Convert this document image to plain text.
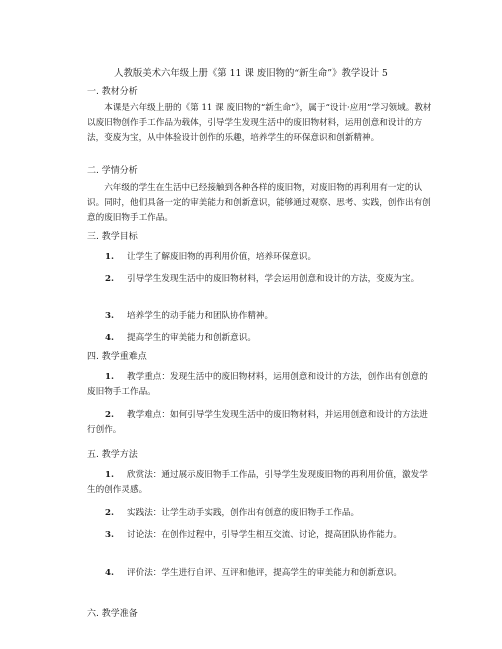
人教版美术六年级上册《第 11 课 废旧物的“新生命”》教学设计 5
一. 教材分析

本课是六年级上册的《第 11 课 废旧物的“新生命”》，属于“设计·应用”学习领域。教材以废旧物创作手工作品为载体，引导学生发现生活中的废旧物材料，运用创意和设计的方法，变废为宝，从中体验设计创作的乐趣，培养学生的环保意识和创新精神。

二. 学情分析

六年级的学生在生活中已经接触到各种各样的废旧物，对废旧物的再利用有一定的认识。同时，他们具备一定的审美能力和创新意识，能够通过观察、思考、实践，创作出有创意的废旧物手工作品。

三. 教学目标
1. 让学生了解废旧物的再利用价值，培养环保意识。
2. 引导学生发现生活中的废旧物材料，学会运用创意和设计的方法，变废为宝。
3. 培养学生的动手能力和团队协作精神。
4. 提高学生的审美能力和创新意识。
四. 教学重难点
1. 教学重点：发现生活中的废旧物材料，运用创意和设计的方法，创作出有创意的废旧物手工作品。
2. 教学难点：如何引导学生发现生活中的废旧物材料，并运用创意和设计的方法进行创作。
五. 教学方法
1. 欣赏法：通过展示废旧物手工作品，引导学生发现废旧物的再利用价值，激发学生的创作灵感。
2. 实践法：让学生动手实践，创作出有创意的废旧物手工作品。
3. 讨论法：在创作过程中，引导学生相互交流、讨论，提高团队协作能力。
4. 评价法：学生进行自评、互评和他评，提高学生的审美能力和创新意识。
六. 教学准备
